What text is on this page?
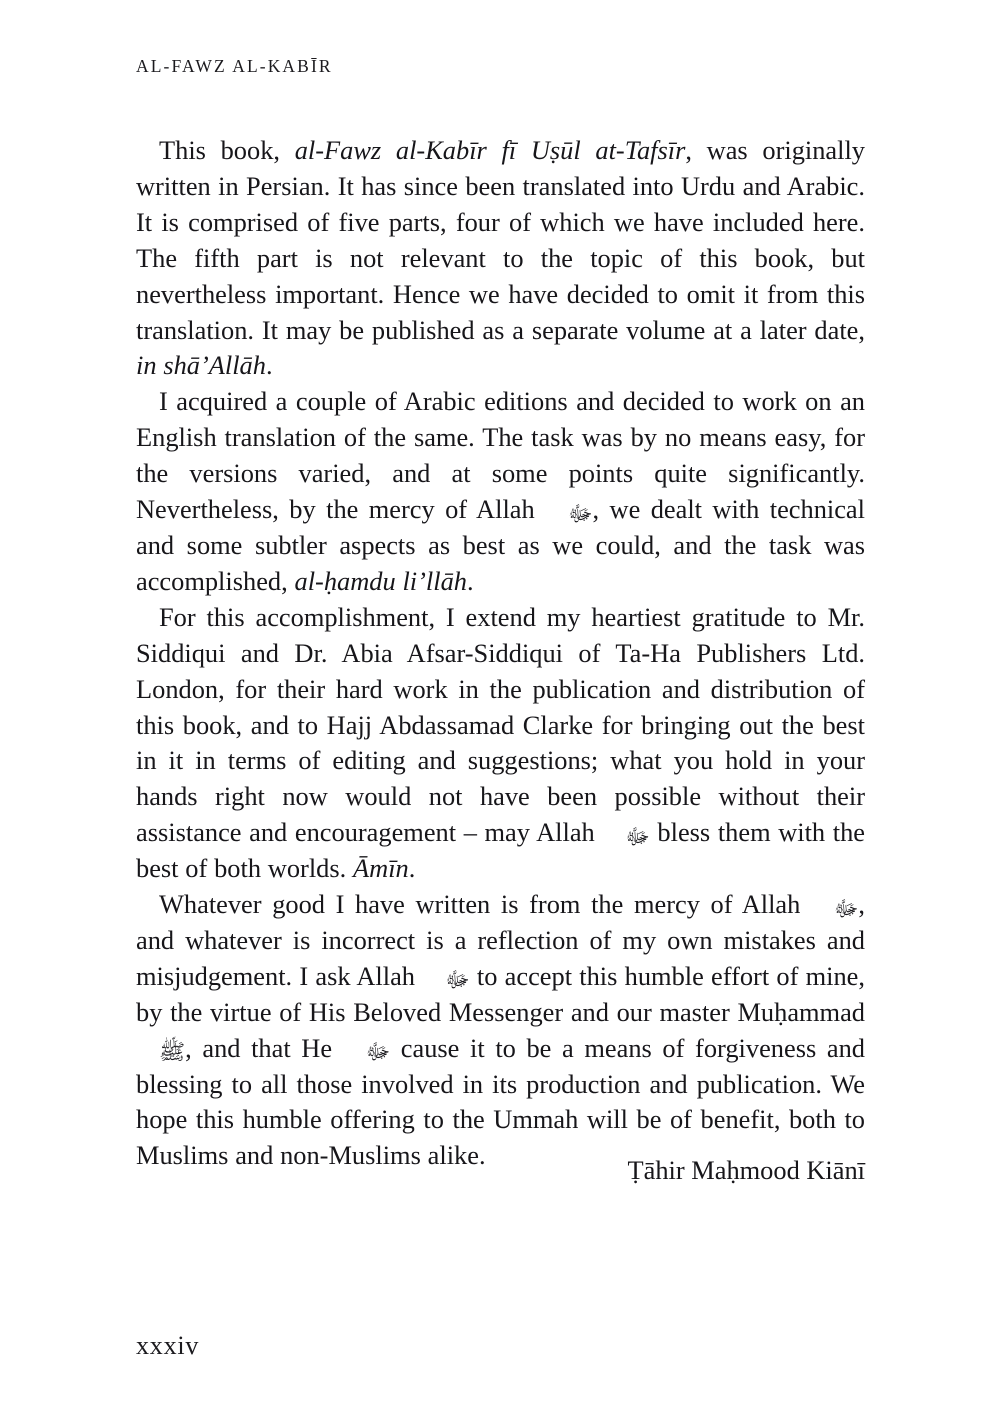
AL-FAWZ AL-KABĪR

This book, al-Fawz al-Kabīr fī Uṣūl at-Tafsīr, was originally written in Persian. It has since been translated into Urdu and Arabic. It is comprised of five parts, four of which we have included here. The fifth part is not relevant to the topic of this book, but nevertheless important. Hence we have decided to omit it from this translation. It may be published as a separate volume at a later date, in shā’Allāh.

I acquired a couple of Arabic editions and decided to work on an English translation of the same. The task was by no means easy, for the versions varied, and at some points quite significantly. Nevertheless, by the mercy of Allah ﷻ, we dealt with technical and some subtler aspects as best as we could, and the task was accomplished, al-ḥamdu li’llāh.

For this accomplishment, I extend my heartiest gratitude to Mr. Siddiqui and Dr. Abia Afsar-Siddiqui of Ta-Ha Publishers Ltd. London, for their hard work in the publication and distribution of this book, and to Hajj Abdassamad Clarke for bringing out the best in it in terms of editing and suggestions; what you hold in your hands right now would not have been possible without their assistance and encouragement – may Allah ﷻ bless them with the best of both worlds. Āmīn.

Whatever good I have written is from the mercy of Allah ﷻ, and whatever is incorrect is a reflection of my own mistakes and misjudgement. I ask Allah ﷻ to accept this humble effort of mine, by the virtue of His Beloved Messenger and our master Muḥammad ﷺ, and that He ﷻ cause it to be a means of forgiveness and blessing to all those involved in its production and publication. We hope this humble offering to the Ummah will be of benefit, both to Muslims and non-Muslims alike.	Ṭāhir Maḥmood Kiānī
xxxiv
